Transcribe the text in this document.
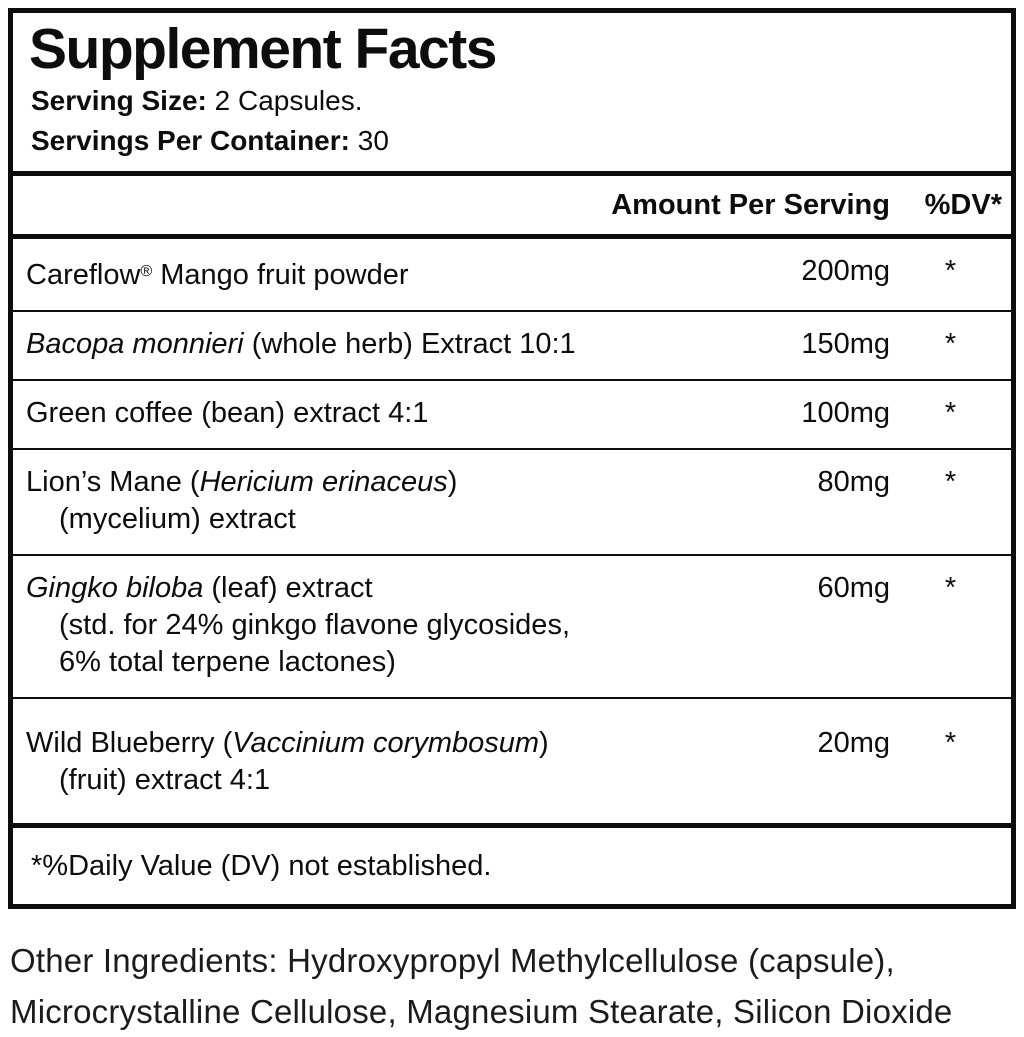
Supplement Facts
Serving Size: 2 Capsules.
Servings Per Container: 30
Amount Per Serving	%DV*
Careflow® Mango fruit powder	200mg	*
Bacopa monnieri (whole herb) Extract 10:1	150mg	*
Green coffee (bean) extract 4:1	100mg	*
Lion’s Mane (Hericium erinaceus)
(mycelium) extract
80mg	*
Gingko biloba (leaf) extract
(std. for 24% ginkgo flavone glycosides,
6% total terpene lactones)
60mg	*
Wild Blueberry (Vaccinium corymbosum)
(fruit) extract 4:1
20mg	*
*%Daily Value (DV) not established.
Other Ingredients: Hydroxypropyl Methylcellulose (capsule),
Microcrystalline Cellulose, Magnesium Stearate, Silicon Dioxide
